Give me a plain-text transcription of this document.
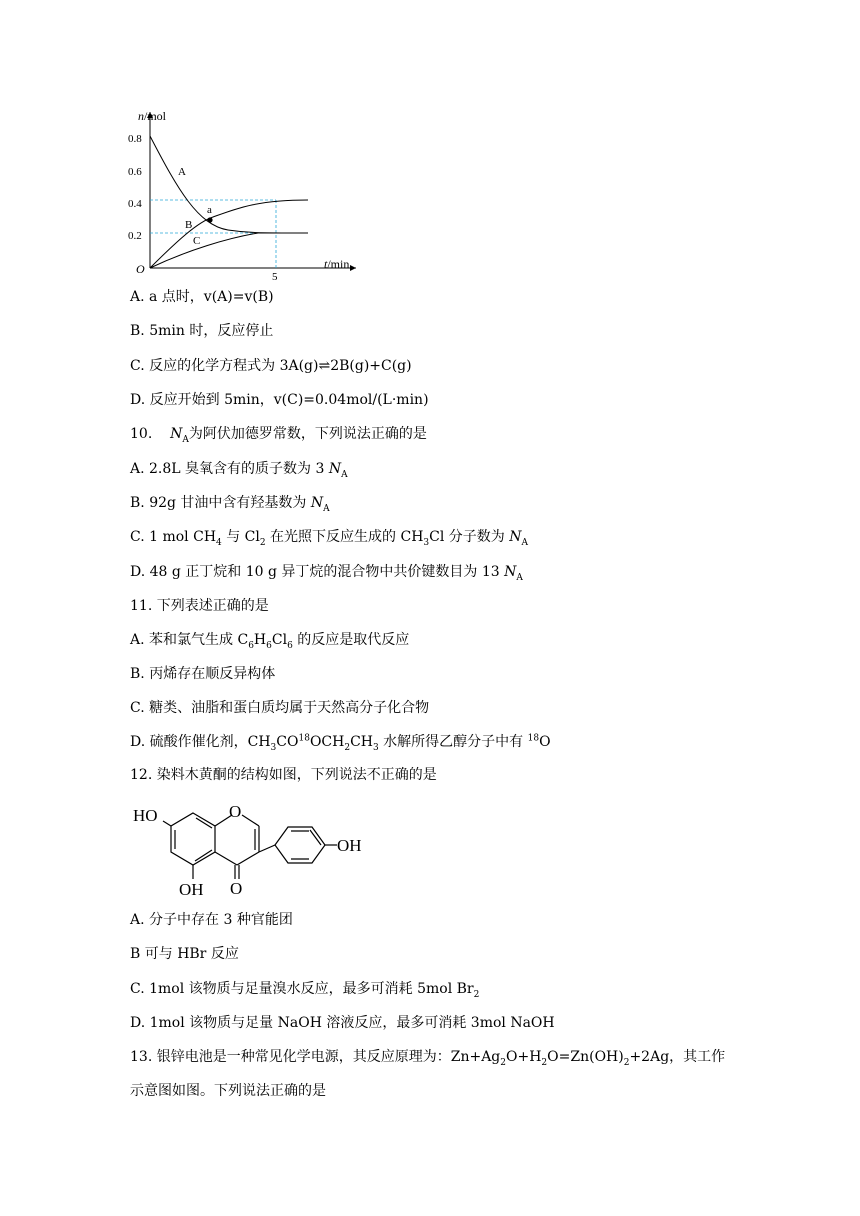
n/mol
t/min
O
0.8
0.6
0.4
0.2
5
A
B
C
a
A. a 点时，v(A)=v(B)
B. 5min 时，反应停止
C. 反应的化学方程式为 3A(g)⇌2B(g)+C(g)
D. 反应开始到 5min，v(C)=0.04mol/(L·min)
10. $N_A$为阿伏加德罗常数，下列说法正确的是
A. 2.8L 臭氧含有的质子数为 3 $N_A$
B. 92g 甘油中含有羟基数为 $N_A$
C. 1 mol $CH_4$ 与 $Cl_2$ 在光照下反应生成的 $CH_3Cl$ 分子数为 $N_A$
D. 48 g 正丁烷和 10 g 异丁烷的混合物中共价键数目为 13 $N_A$
11. 下列表述正确的是
A. 苯和氯气生成 $C_6H_6Cl_6$ 的反应是取代反应
B. 丙烯存在顺反异构体
C. 糖类、油脂和蛋白质均属于天然高分子化合物
D. 硫酸作催化剂，$CH_3CO^{18}OCH_2CH_3$ 水解所得乙醇分子中有 $^{18}$O
12. 染料木黄酮的结构如图，下列说法不正确的是
HO	O
OH
OH O
A. 分子中存在 3 种官能团
B 可与 HBr 反应
C. 1mol 该物质与足量溴水反应，最多可消耗 5mol $Br_2$
D. 1mol 该物质与足量 NaOH 溶液反应，最多可消耗 3mol NaOH
13. 银锌电池是一种常见化学电源，其反应原理为：$Zn+Ag_2O+H_2O=Zn(OH)_2+2Ag$，其工作
示意图如图。下列说法正确的是
